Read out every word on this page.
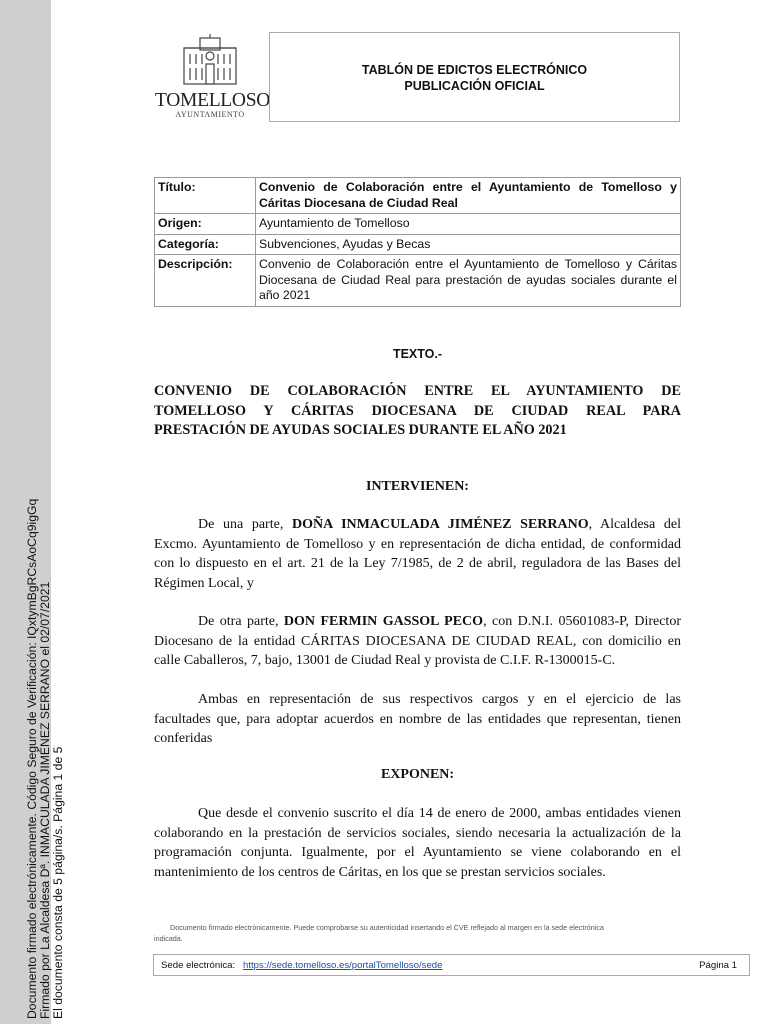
Documento firmado electrónicamente. Código Seguro de Verificación: IQxtymBgRCsAoCq9igGq Firmado por La Alcaldesa Dª. INMACULADA JIMÉNEZ SERRANO el 02/07/2021 El documento consta de 5 página/s. Página 1 de 5
TOMELLOSO
AYUNTAMIENTO
TABLÓN DE EDICTOS ELECTRÓNICO
PUBLICACIÓN OFICIAL
Título:	Convenio de Colaboración entre el Ayuntamiento de Tomelloso y Cáritas Diocesana de Ciudad Real
Origen:	Ayuntamiento de Tomelloso
Categoría:	Subvenciones, Ayudas y Becas
Descripción:	Convenio de Colaboración entre el Ayuntamiento de Tomelloso y Cáritas Diocesana de Ciudad Real para prestación de ayudas sociales durante el año 2021
TEXTO.-
CONVENIO DE COLABORACIÓN ENTRE EL AYUNTAMIENTO DE
TOMELLOSO Y CÁRITAS DIOCESANA DE CIUDAD REAL PARA
PRESTACIÓN DE AYUDAS SOCIALES DURANTE EL AÑO 2021
INTERVIENEN:
De una parte, DOÑA INMACULADA JIMÉNEZ SERRANO, Alcaldesa del
Excmo. Ayuntamiento de Tomelloso y en representación de dicha entidad, de conformidad
con lo dispuesto en el art. 21 de la Ley 7/1985, de 2 de abril, reguladora de las Bases del
Régimen Local, y
De otra parte, DON FERMIN GASSOL PECO, con D.N.I. 05601083-P, Director
Diocesano de la entidad CÁRITAS DIOCESANA DE CIUDAD REAL, con domicilio en
calle Caballeros, 7, bajo, 13001 de Ciudad Real y provista de C.I.F. R-1300015-C.
Ambas en representación de sus respectivos cargos y en el ejercicio de las
facultades que, para adoptar acuerdos en nombre de las entidades que representan, tienen
conferidas
EXPONEN:
Que desde el convenio suscrito el día 14 de enero de 2000, ambas entidades vienen
colaborando en la prestación de servicios sociales, siendo necesaria la actualización de la
programación conjunta. Igualmente, por el Ayuntamiento se viene colaborando en el
mantenimiento de los centros de Cáritas, en los que se prestan servicios sociales.
Documento firmado electrónicamente. Puede comprobarse su autenticidad insertando el CVE reflejado al margen en la sede electrónica
indicada.
Sede electrónica: https://sede.tomelloso.es/portalTomelloso/sede	Página 1
